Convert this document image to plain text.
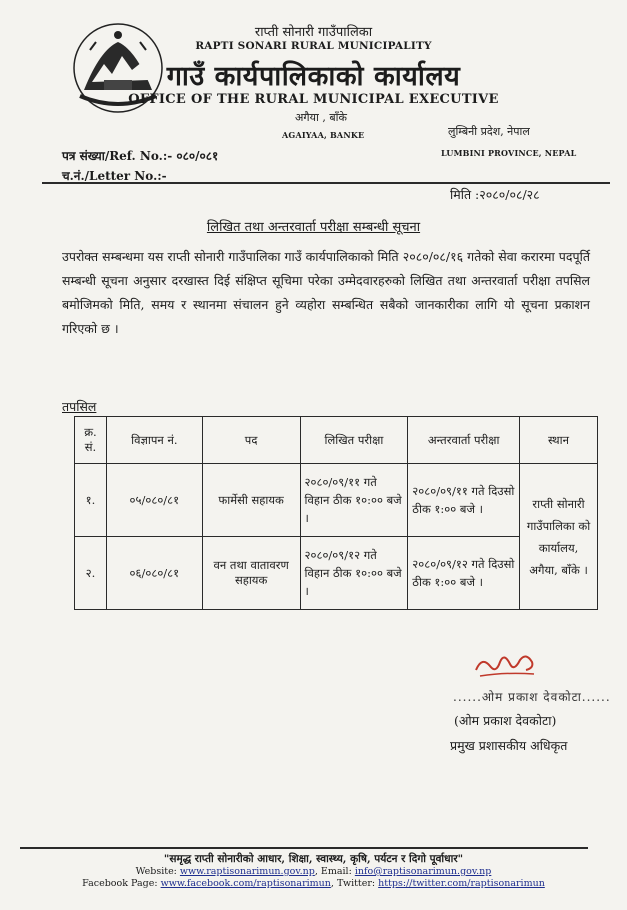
राप्ती सोनारी गाउँपालिका
RAPTI SONARI RURAL MUNICIPALITY
गाउँ कार्यपालिकाको कार्यालय
OFFICE OF THE RURAL MUNICIPAL EXECUTIVE
अगैया , बाँके
AGAIYAA, BANKE	लुम्बिनी प्रदेश, नेपाल
LUMBINI PROVINCE, NEPAL
पत्र संख्या/Ref. No.:- ०८०/०८१
च.नं./Letter No.:-
मिति :२०८०/०८/२८
लिखित तथा अन्तरवार्ता परीक्षा सम्बन्धी सूचना
उपरोक्त सम्बन्धमा यस राप्ती सोनारी गाउँपालिका गाउँ कार्यपालिकाको मिति २०८०/०८/१६ गतेको सेवा करारमा पदपूर्ति सम्बन्धी सूचना अनुसार दरखास्त दिई संक्षिप्त सूचिमा परेका उम्मेदवारहरुको लिखित तथा अन्तरवार्ता परीक्षा तपसिल बमोजिमको मिति, समय र स्थानमा संचालन हुने व्यहोरा सम्बन्धित सबैको जानकारीका लागि यो सूचना प्रकाशन गरिएको छ ।
तपसिल
क्र. सं.	विज्ञापन नं.	पद	लिखित परीक्षा	अन्तरवार्ता परीक्षा	स्थान
१.	०५/०८०/८१	फार्मेसी सहायक	२०८०/०९/११ गते विहान ठीक १०:०० बजे ।	२०८०/०९/११ गते दिउसो ठीक १:०० बजे ।	राप्ती सोनारी गाउँपालिका को कार्यालय, अगैया, बाँके ।
२.	०६/०८०/८१	वन तथा वातावरण सहायक	२०८०/०९/१२ गते विहान ठीक १०:०० बजे ।	२०८०/०९/१२ गते दिउसो ठीक १:०० बजे ।	
......ओम प्रकाश देवकोटा......
(ओम प्रकाश देवकोटा)
प्रमुख प्रशासकीय अधिकृत
"समृद्ध राप्ती सोनारीको आधार, शिक्षा, स्वास्थ्य, कृषि, पर्यटन र दिगो पूर्वाधार"
Website: www.raptisonarimun.gov.np, Email: info@raptisonarimun.gov.np
Facebook Page: www.facebook.com/raptisonarimun, Twitter: https://twitter.com/raptisonarimun
